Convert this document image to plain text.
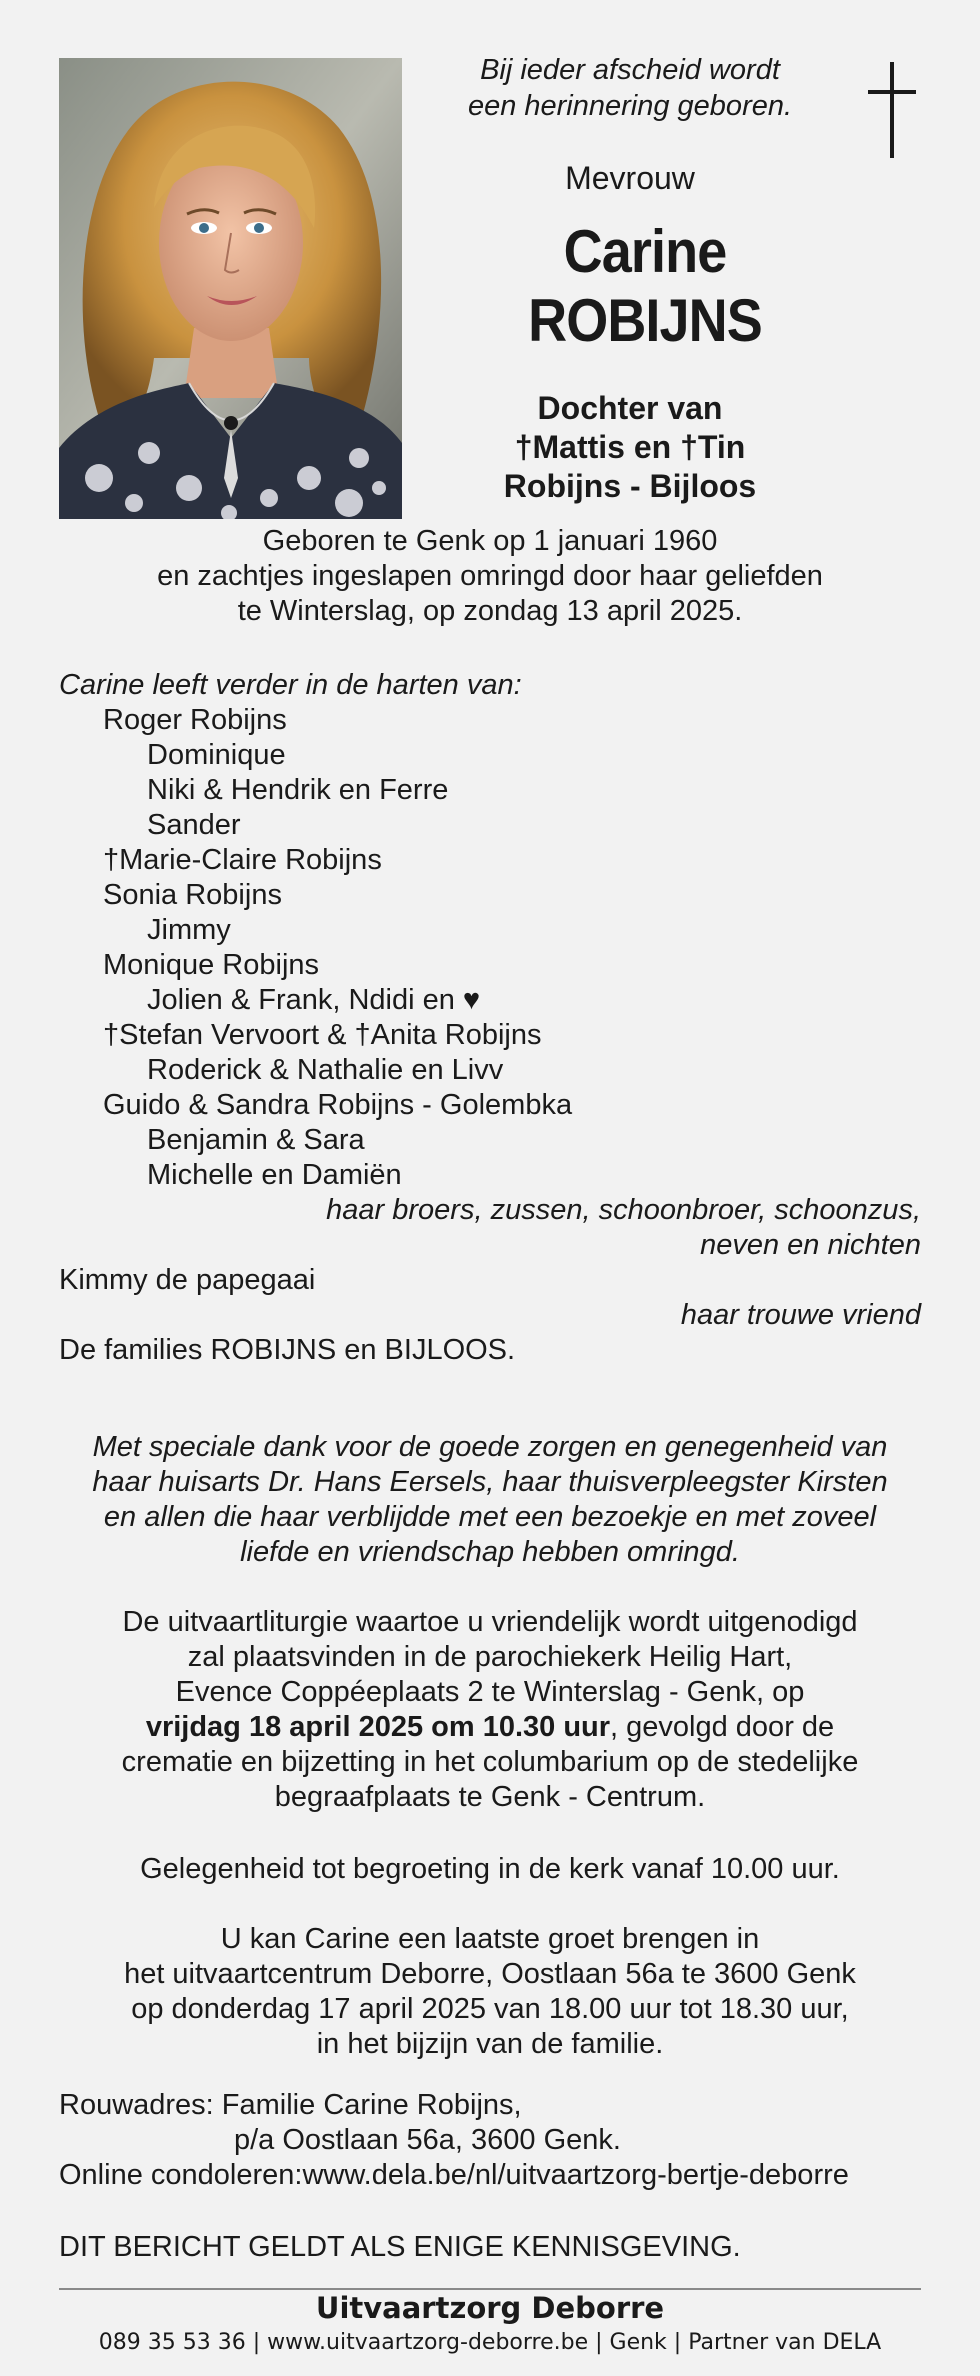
Bij ieder afscheid wordt
een herinnering geboren.
Mevrouw
Carine ROBIJNS
Dochter van
†Mattis en †Tin
Robijns - Bijloos
Geboren te Genk op 1 januari 1960
en zachtjes ingeslapen omringd door haar geliefden
te Winterslag, op zondag 13 april 2025.
Carine leeft verder in de harten van:
Roger Robijns
Dominique
Niki & Hendrik en Ferre
Sander
†Marie-Claire Robijns
Sonia Robijns
Jimmy
Monique Robijns
Jolien & Frank, Ndidi en ♥
†Stefan Vervoort & †Anita Robijns
Roderick & Nathalie en Livv
Guido & Sandra Robijns - Golembka
Benjamin & Sara
Michelle en Damiën
haar broers, zussen, schoonbroer, schoonzus,
neven en nichten
Kimmy de papegaai
haar trouwe vriend
De families ROBIJNS en BIJLOOS.
Met speciale dank voor de goede zorgen en genegenheid van
haar huisarts Dr. Hans Eersels, haar thuisverpleegster Kirsten
en allen die haar verblijdde met een bezoekje en met zoveel
liefde en vriendschap hebben omringd.
De uitvaartliturgie waartoe u vriendelijk wordt uitgenodigd
zal plaatsvinden in de parochiekerk Heilig Hart,
Evence Coppéeplaats 2 te Winterslag - Genk, op
vrijdag 18 april 2025 om 10.30 uur, gevolgd door de
crematie en bijzetting in het columbarium op de stedelijke
begraafplaats te Genk - Centrum.
Gelegenheid tot begroeting in de kerk vanaf 10.00 uur.
U kan Carine een laatste groet brengen in
het uitvaartcentrum Deborre, Oostlaan 56a te 3600 Genk
op donderdag 17 april 2025 van 18.00 uur tot 18.30 uur,
in het bijzijn van de familie.
Rouwadres: Familie Carine Robijns,
p/a Oostlaan 56a, 3600 Genk.
Online condoleren:www.dela.be/nl/uitvaartzorg-bertje-deborre
DIT BERICHT GELDT ALS ENIGE KENNISGEVING.
Uitvaartzorg Deborre
089 35 53 36 | www.uitvaartzorg-deborre.be | Genk | Partner van DELA
